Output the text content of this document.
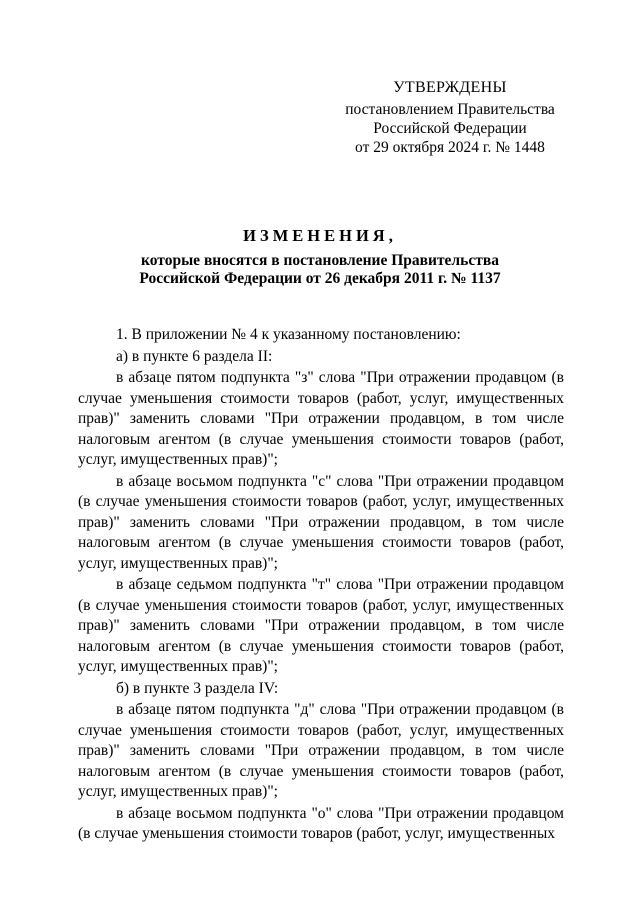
УТВЕРЖДЕНЫ
постановлением Правительства
Российской Федерации
от 29 октября 2024 г. № 1448
ИЗМЕНЕНИЯ,
которые вносятся в постановление Правительства
Российской Федерации от 26 декабря 2011 г. № 1137

1. В приложении № 4 к указанному постановлению:

а) в пункте 6 раздела II:

в абзаце пятом подпункта "з" слова "При отражении продавцом (в случае уменьшения стоимости товаров (работ, услуг, имущественных прав)" заменить словами "При отражении продавцом, в том числе налоговым агентом (в случае уменьшения стоимости товаров (работ, услуг, имущественных прав)";

в абзаце восьмом подпункта "с" слова "При отражении продавцом (в случае уменьшения стоимости товаров (работ, услуг, имущественных прав)" заменить словами "При отражении продавцом, в том числе налоговым агентом (в случае уменьшения стоимости товаров (работ, услуг, имущественных прав)";

в абзаце седьмом подпункта "т" слова "При отражении продавцом (в случае уменьшения стоимости товаров (работ, услуг, имущественных прав)" заменить словами "При отражении продавцом, в том числе налоговым агентом (в случае уменьшения стоимости товаров (работ, услуг, имущественных прав)";

б) в пункте 3 раздела IV:

в абзаце пятом подпункта "д" слова "При отражении продавцом (в случае уменьшения стоимости товаров (работ, услуг, имущественных прав)" заменить словами "При отражении продавцом, в том числе налоговым агентом (в случае уменьшения стоимости товаров (работ, услуг, имущественных прав)";

в абзаце восьмом подпункта "о" слова "При отражении продавцом (в случае уменьшения стоимости товаров (работ, услуг, имущественных
